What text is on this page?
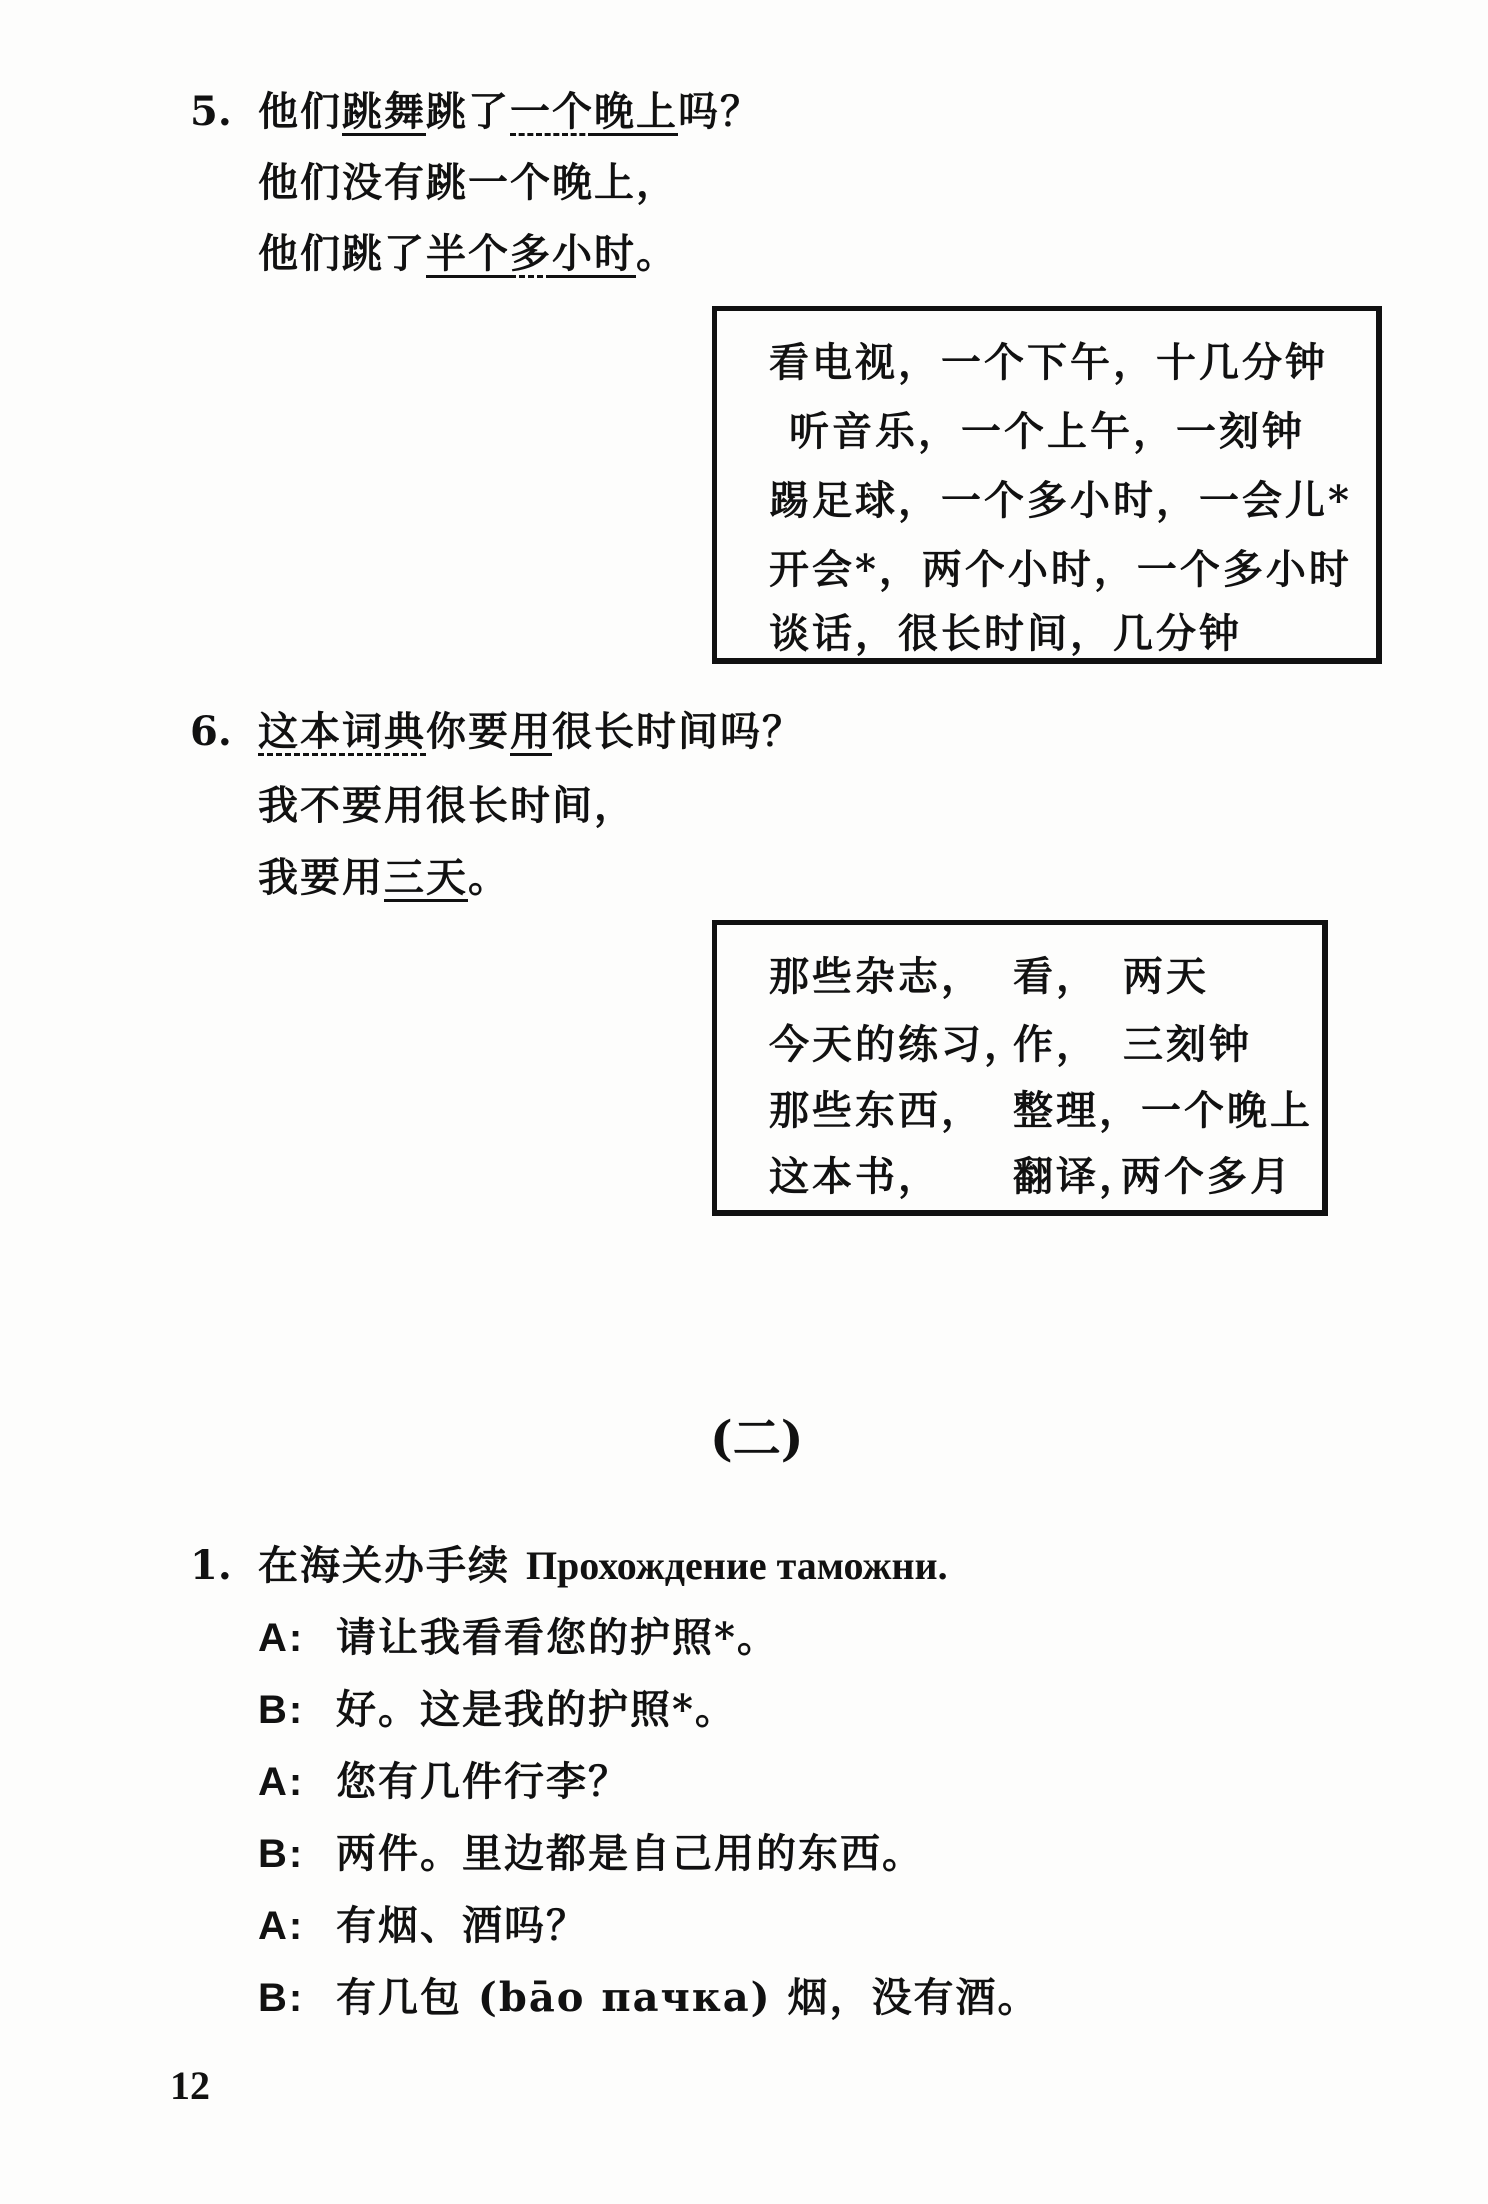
5. 他们跳舞跳了一个晚上吗？
他们没有跳一个晚上，
他们跳了半个多小时。
看电视，一个下午，十几分钟
听音乐，一个上午，一刻钟
踢足球，一个多小时，一会儿*
开会*，两个小时，一个多小时
谈话，很长时间，几分钟
6. 这本词典你要用很长时间吗？
我不要用很长时间，
我要用三天。
那些杂志， 看， 两天
今天的练习，
作， 三刻钟
那些东西， 整理， 一个晚上
这本书， 翻译，
两个多月
(二)
1. 在海关办手续 Прохождение таможни.
A: 请让我看看您的护照*。
B: 好。这是我的护照*。
A: 您有几件行李？
B: 两件。里边都是自己用的东西。
A: 有烟、酒吗？
B: 有几包 (bāo пачка) 烟，没有酒。
12
